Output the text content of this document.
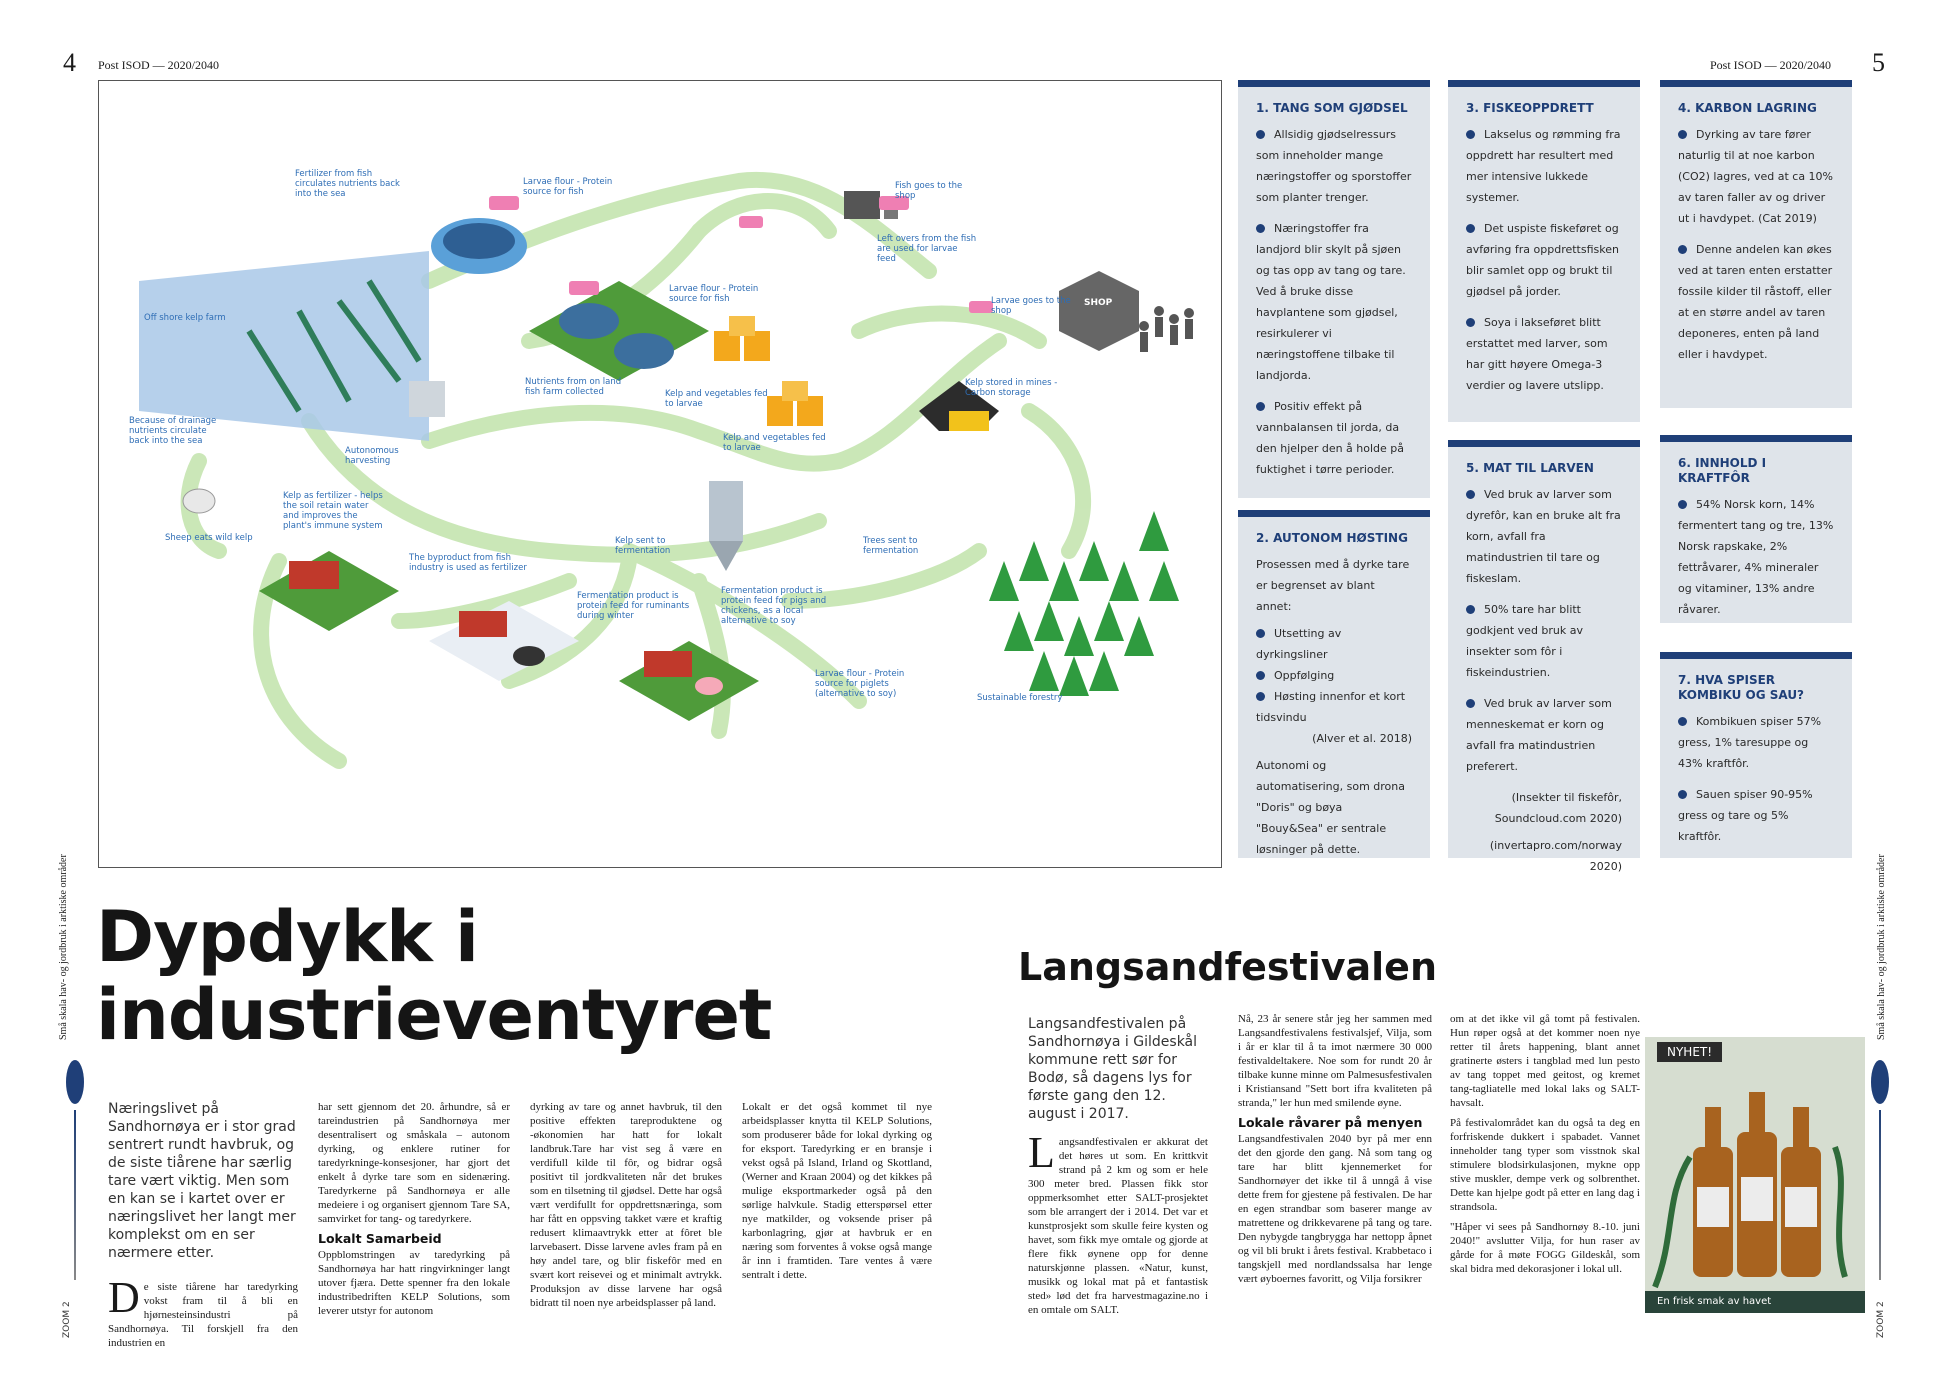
4 Post ISOD — 2020/2040	Post ISOD — 2020/2040 5
Små skala hav- og jordbruk i arktiske områder
ZOOM 2
Små skala hav- og jordbruk i arktiske områder
ZOOM 2
SHOP
Fertilizer from fish circulates nutrients back into the sea
Larvae flour - Protein source for fish
Fish goes to the shop
Left overs from the fish are used for larvae feed
Off shore kelp farm
Larvae flour - Protein source for fish	Larvae goes to the shop
Nutrients from on land fish farm collected	Kelp and vegetables fed to larvae
Kelp stored in mines - Carbon storage
Because of drainage nutrients circulate back into the sea
Autonomous harvesting
Kelp and vegetables fed to larvae
Kelp as fertilizer - helps the soil retain water and improves the plant's immune system
Sheep eats wild kelp
The byproduct from fish industry is used as fertilizer
Kelp sent to fermentation
Trees sent to fermentation
Fermentation product is protein feed for ruminants during winter
Fermentation product is protein feed for pigs and chickens, as a local alternative to soy
Larvae flour - Protein source for piglets (alternative to soy)	Sustainable forestry
1. TANG SOM GJØDSEL
Allsidig gjødselressurs som inneholder mange næringstoffer og sporstoffer som planter trenger.
Næringstoffer fra landjord blir skylt på sjøen og tas opp av tang og tare. Ved å bruke disse havplantene som gjødsel, resirkulerer vi næringstoffene tilbake til landjorda.
Positiv effekt på vannbalansen til jorda, da den hjelper den å holde på fuktighet i tørre perioder.
2. AUTONOM HØSTING
Prosessen med å dyrke tare er begrenset av blant annet:
Utsetting av dyrkingsliner
Oppfølging
Høsting innenfor et kort tidsvindu
(Alver et al. 2018)
Autonomi og automatisering, som drona "Doris" og bøya "Bouy&Sea" er sentrale løsninger på dette.
3. FISKEOPPDRETT
Lakselus og rømming fra oppdrett har resultert med mer intensive lukkede systemer.
Det uspiste fiskeføret og avføring fra oppdrettsfisken blir samlet opp og brukt til gjødsel på jorder.
Soya i lakseføret blitt erstattet med larver, som har gitt høyere Omega-3 verdier og lavere utslipp.
5. MAT TIL LARVEN
Ved bruk av larver som dyrefôr, kan en bruke alt fra korn, avfall fra matindustrien til tare og fiskeslam.
50% tare har blitt godkjent ved bruk av insekter som fôr i fiskeindustrien.
Ved bruk av larver som menneskemat er korn og avfall fra matindustrien preferert.
(Insekter til fiskefôr, Soundcloud.com 2020)
(invertapro.com/norway 2020)
4. KARBON LAGRING
Dyrking av tare fører naturlig til at noe karbon (CO2) lagres, ved at ca 10% av taren faller av og driver ut i havdypet. (Cat 2019)
Denne andelen kan økes ved at taren enten erstatter fossile kilder til råstoff, eller at en større andel av taren deponeres, enten på land eller i havdypet.
6. INNHOLD I KRAFTFÔR
54% Norsk korn, 14% fermentert tang og tre, 13% Norsk rapskake, 2% fettråvarer, 4% mineraler og vitaminer, 13% andre råvarer.
7. HVA SPISER KOMBIKU OG SAU?
Kombikuen spiser 57% gress, 1% taresuppe og 43% kraftfôr.
Sauen spiser 90-95% gress og tare og 5% kraftfôr.
Dypdykk i industrieventyret
Næringslivet på Sandhornøya er i stor grad sentrert rundt havbruk, og de siste tiårene har særlig tare vært viktig. Men som en kan se i kartet over er næringslivet her langt mer komplekst om en ser nærmere etter.
De siste tiårene har taredyrking vokst fram til å bli en hjørnesteinsindustri på Sandhornøya. Til forskjell fra den industrien en

har sett gjennom det 20. århundre, så er tareindustrien på Sandhornøya mer desentralisert og småskala – autonom dyrking, og enklere rutiner for taredyrkninge-konsesjoner, har gjort det enkelt å dyrke tare som en sidenæring. Taredyrkerne på Sandhornøya er alle medeiere i og organisert gjennom Tare SA, samvirket for tang- og taredyrkere.

Lokalt Samarbeid

Oppblomstringen av taredyrking på Sandhornøya har hatt ringvirkninger langt utover fjæra. Dette spenner fra den lokale industribedriften KELP Solutions, som leverer utstyr for autonom

dyrking av tare og annet havbruk, til den positive effekten tareproduktene og -økonomien har hatt for lokalt landbruk.Tare har vist seg å være en verdifull kilde til fôr, og bidrar også positivt til jordkvaliteten når det brukes som en tilsetning til gjødsel. Dette har også vært verdifullt for oppdrettsnæringa, som har fått en oppsving takket være et kraftig redusert klimaavtrykk etter at fôret ble larvebasert. Disse larvene avles fram på en høy andel tare, og blir fiskefôr med en svært kort reisevei og et minimalt avtrykk. Produksjon av disse larvene har også bidratt til noen nye arbeidsplasser på land.

Lokalt er det også kommet til nye arbeidsplasser knytta til KELP Solutions, som produserer både for lokal dyrking og for eksport. Taredyrking er en bransje i vekst også på Island, Irland og Skottland, (Werner and Kraan 2004) og det kikkes på mulige eksportmarkeder også på den sørlige halvkule. Stadig etterspørsel etter nye matkilder, og voksende priser på karbonlagring, gjør at havbruk er en næring som forventes å vokse også mange år inn i framtiden. Tare ventes å være sentralt i dette.

Langsandfestivalen
Langsandfestivalen på Sandhornøya i Gildeskål kommune rett sør for Bodø, så dagens lys for første gang den 12. august i 2017.
Langsandfestivalen er akkurat det det høres ut som. En krittkvit strand på 2 km og som er hele 300 meter bred. Plassen fikk stor oppmerksomhet etter SALT-prosjektet som ble arrangert der i 2014. Det var et kunstprosjekt som skulle feire kysten og havet, som fikk mye omtale og gjorde at flere fikk øynene opp for denne naturskjønne plassen. «Natur, kunst, musikk og lokal mat på et fantastisk sted» lød det fra harvestmagazine.no i en omtale om SALT.

Nå, 23 år senere står jeg her sammen med Langsandfestivalens festivalsjef, Vilja, som i år er klar til å ta imot nærmere 30 000 festivaldeltakere. Noe som for rundt 20 år tilbake kunne minne om Palmesusfestivalen i Kristiansand "Sett bort ifra kvaliteten på stranda," ler hun med smilende øyne.

Lokale råvarer på menyen

Langsandfestivalen 2040 byr på mer enn det den gjorde den gang. Nå som tang og tare har blitt kjennemerket for Sandhornøyer det ikke til å unngå å vise dette frem for gjestene på festivalen. De har en egen strandbar som baserer mange av matrettene og drikkevarene på tang og tare. Den nybygde tangbrygga har nettopp åpnet og vil bli brukt i årets festival. Krabbetaco i tangskjell med nordlandssalsa har lenge vært øyboernes favoritt, og Vilja forsikrer

om at det ikke vil gå tomt på festivalen. Hun røper også at det kommer noen nye retter til årets happening, blant annet gratinerte østers i tangblad med lun pesto av tang toppet med geitost, og kremet tang-tagliatelle med lokal laks og SALT-havsalt.

På festivalområdet kan du også ta deg en forfriskende dukkert i spabadet. Vannet inneholder tang typer som visstnok skal stimulere blodsirkulasjonen, mykne opp stive muskler, dempe verk og solbrenthet. Dette kan hjelpe godt på etter en lang dag i strandsola.

"Håper vi sees på Sandhornøy 8.-10. juni 2040!" avslutter Vilja, for hun raser av gårde for å møte FOGG Gildeskål, som skal bidra med dekorasjoner i lokal ull.

NYHET!
En frisk smak av havet
